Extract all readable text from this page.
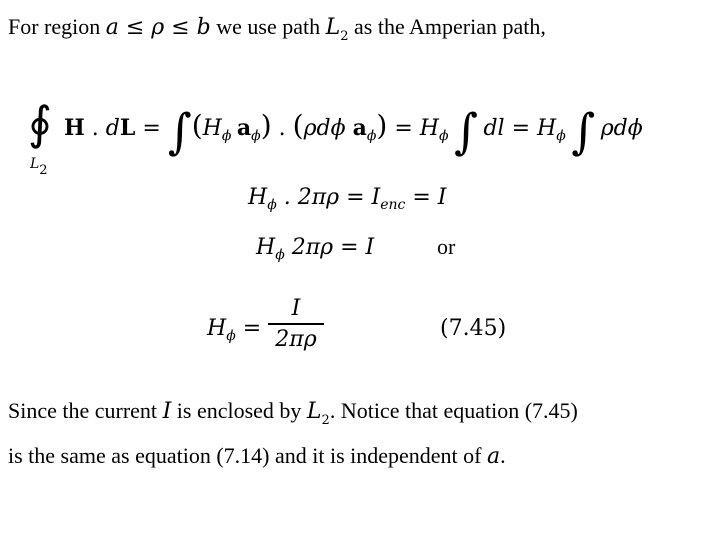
For region a ≤ ρ ≤ b we use path $L_2$ as the Amperian path,
∮
$L_2$
H . dL = $\int(H_\phi$ $a_\phi$) . (ρdϕ $a_\phi) = H_\phi$ ∫ dl = $H_\phi$ ∫ ρdϕ
$H_\phi$ . $2\pi\rho = I_{enc} = I$
$H_\phi$ 2πρ = I	or
$H_\phi$ =
I
2πρ	(7.45)
Since the current I is enclosed by $L_2$. Notice that equation (7.45)
is the same as equation (7.14) and it is independent of a.
